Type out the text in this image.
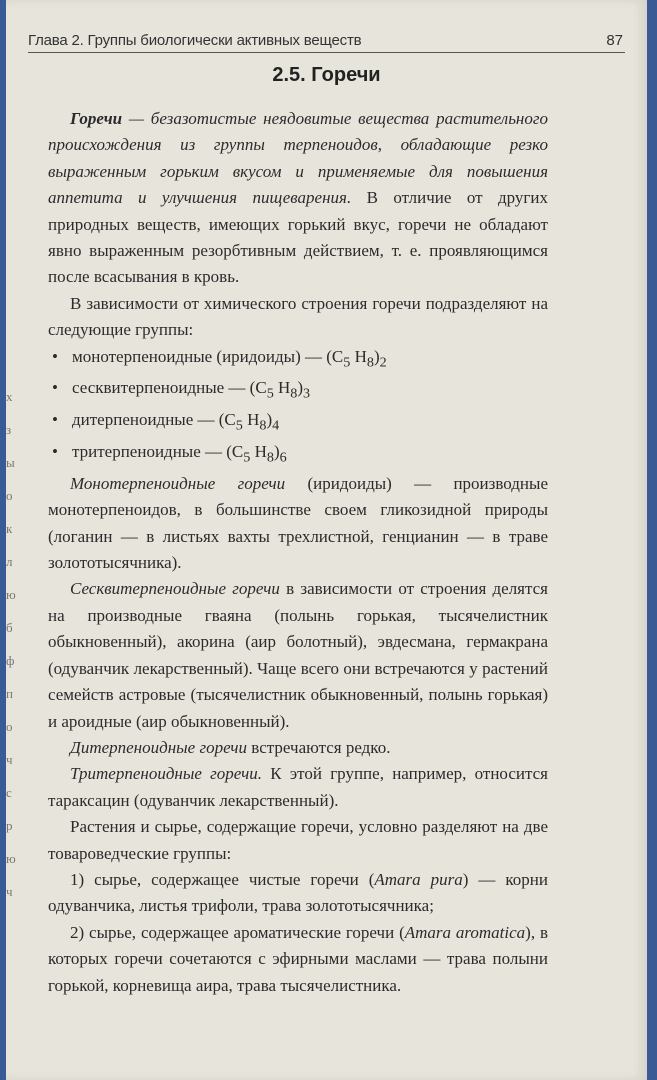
х
з
ы
о
к
л
ю
б
ф
п
о
ч
с
р
ю
ч
Глава 2. Группы биологически активных веществ	87
2.5. Горечи

Горечи — безазотистые неядовитые вещества растительного происхождения из группы терпеноидов, обладающие резко выраженным горьким вкусом и применяемые для повышения аппетита и улучшения пищеварения. В отличие от других природных веществ, имеющих горький вкус, горечи не обладают явно выраженным резорбтивным действием, т. е. проявляющимся после всасывания в кровь.

В зависимости от химического строения горечи подразделяют на следующие группы:

• монотерпеноидные (иридоиды) — ($C_5$ $H_8)_2$
• сесквитерпеноидные — ($C_5$ $H_8)_3$
• дитерпеноидные — ($C_5$ $H_8)_4$
• тритерпеноидные — ($C_5$ $H_8)_6$

Монотерпеноидные горечи (иридоиды) — производные монотерпеноидов, в большинстве своем гликозидной природы (логанин — в листьях вахты трехлистной, генцианин — в траве золототысячника).

Сесквитерпеноидные горечи в зависимости от строения делятся на производные гваяна (полынь горькая, тысячелистник обыкновенный), акорина (аир болотный), эвдесмана, гермакрана (одуванчик лекарственный). Чаще всего они встречаются у растений семейств астровые (тысячелистник обыкновенный, полынь горькая) и ароидные (аир обыкновенный).

Дитерпеноидные горечи встречаются редко.

Тритерпеноидные горечи. К этой группе, например, относится тараксацин (одуванчик лекарственный).

Растения и сырье, содержащие горечи, условно разделяют на две товароведческие группы:

1) сырье, содержащее чистые горечи (Amara pura) — корни одуванчика, листья трифоли, трава золототысячника;

2) сырье, содержащее ароматические горечи (Amara aromatica), в которых горечи сочетаются с эфирными маслами — трава полыни горькой, корневища аира, трава тысячелистника.
